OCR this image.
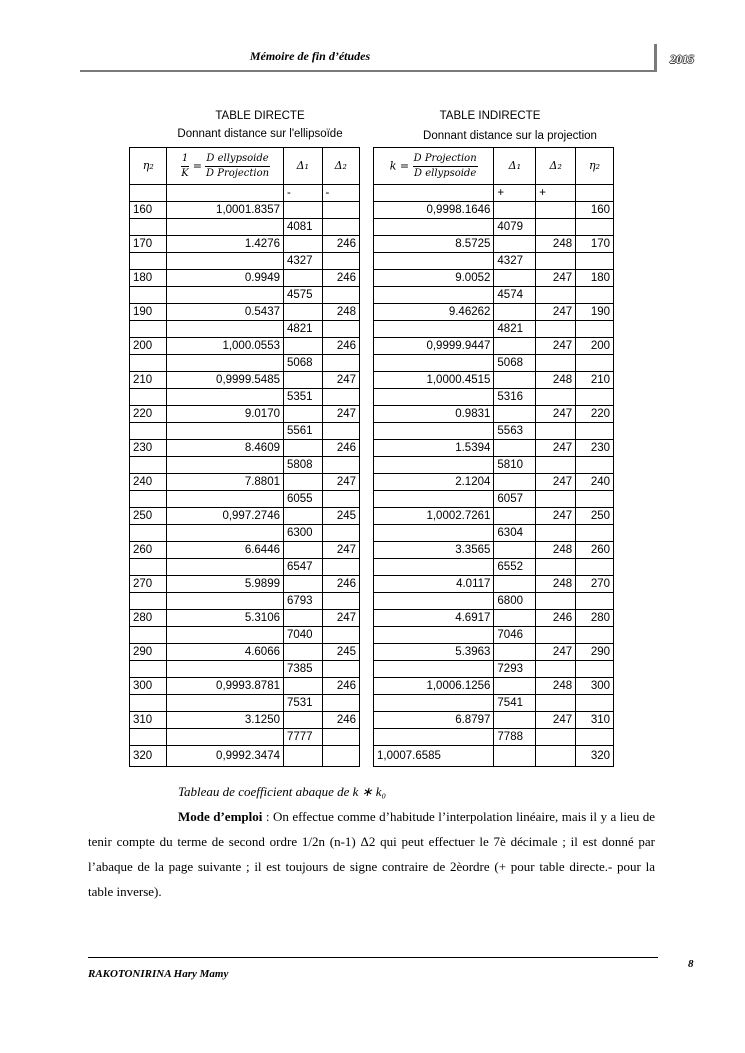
Mémoire de fin d’études	2015
TABLE DIRECTE
Donnant distance sur l'ellipsoïde
TABLE INDIRECTE
Donnant distance sur la projection
η₂	$\frac{1}{K} = \frac{\text{D ellypsoide}}{\text{D Projection}}$	Δ₁	Δ₂
		-	-
160	1,0001.8357		
		4081	
170	1.4276		246
		4327	
180	0.9949		246
		4575	
190	0.5437		248
		4821	
200	1,000.0553		246
		5068	
210	0,9999.5485		247
		5351	
220	9.0170		247
		5561	
230	8.4609		246
		5808	
240	7.8801		247
		6055	
250	0,997.2746		245
		6300	
260	6.6446		247
		6547	
270	5.9899		246
		6793	
280	5.3106		247
		7040	
290	4.6066		245
		7385	
300	0,9993.8781		246
		7531	
310	3.1250		246
		7777	
320	0,9992.3474		
$k = \frac{\text{D Projection}}{\text{D ellypsoide}}$	Δ₁	Δ₂	η₂
	+	+	
0,9998.1646			160
	4079		
8.5725		248	170
	4327		
9.0052		247	180
	4574		
9.46262		247	190
	4821		
0,9999.9447		247	200
	5068		
1,0000.4515		248	210
	5316		
0.9831		247	220
	5563		
1.5394		247	230
	5810		
2.1204		247	240
	6057		
1,0002.7261		247	250
	6304		
3.3565		248	260
	6552		
4.0117		248	270
	6800		
4.6917		246	280
	7046		
5.3963		247	290
	7293		
1,0006.1256		248	300
	7541		
6.8797		247	310
	7788		
1,0007.6585			320
Tableau de coefficient abaque de k ∗ k₀
Mode d’emploi : On effectue comme d’habitude l’interpolation linéaire, mais il y a lieu de tenir compte du terme de second ordre 1/2n (n-1) Δ2 qui peut effectuer le 7è décimale ; il est donné par l’abaque de la page suivante ; il est toujours de signe contraire de 2èordre (+ pour table directe.- pour la table inverse).
RAKOTONIRINA Hary Mamy
8
